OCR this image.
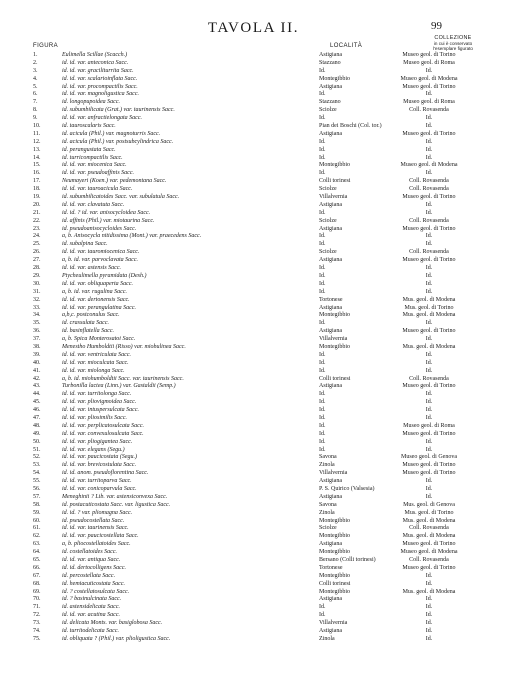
TAVOLA II.	99
COLLEZIONE
in cui è conservato
l'esemplare figurato
FIGURA	LOCALITÀ
1.	Eulimella Scillae (Scacch.)	Astigiana	Museo geol. di Torino
2.	id. id. var. anteconica Sacc.	Stazzano	Museo geol. di Roma
3.	id. id. var. graciliturrita Sacc.	Id.	Id.
4.	id. id. var. scalarioinflata Sacc.	Montegibbio	Museo geol. di Modena
5.	id. id. var. procompactilis Sacc.	Astigiana	Museo geol. di Torino
6.	id. id. var. magnoligustica Sacc.	Id.	Id.
7.	id. longopupoidea Sacc.	Stazzano	Museo geol. di Roma
8.	id. subumbilicata (Grat.) var. taurinensis Sacc.	Sciolze	Coll. Rovasenda
9.	id. id. var. anfractielongata Sacc.	Id.	Id.
10.	id. tauroscalaris Sacc.	Pian dei Boschi (Col. tor.)	Id.
11.	id. acicula (Phil.) var. magnoturris Sacc.	Astigiana	Museo geol. di Torino
12.	id. acicula (Phil.) var. postsubcylindrica Sacc.	Id.	Id.
13.	id. perangustata Sacc.	Id.	Id.
14.	id. turricompactilis Sacc.	Id.	Id.
15.	id. id. var. miocenica Sacc.	Montegibbio	Museo geol. di Modena
16.	id. id. var. pseudoaffinis Sacc.	Id.	Id.
17.	Neumayeri (Koen.) var. pedemontana Sacc.	Colli torinesi	Coll. Rovasenda
18.	id. id. var. tauroacicula Sacc.	Sciolze	Coll. Rovasenda
19.	id. subumbilicatoides Sacc. var. subulatula Sacc.	Villalvernia	Museo geol. di Torino
20.	id. id. var. clavatuta Sacc.	Astigiana	Id.
21.	id. id. ? id. var. anisocycloidea Sacc.	Id.	Id.
22.	id. affinis (Phil.) var. miotaurina Sacc.	Sciolze	Coll. Rovasenda
23.	id. pseudoanisocycloides Sacc.	Astigiana	Museo geol. di Torino
24.	a, b. Anisocycla nitidissima (Mont.) var. praecedens Sacc.	Id.	Id.
25.	id. subalpina Sacc.	Id.	Id.
26.	id. id. var. tauromiocenica Sacc.	Sciolze	Coll. Rovasenda
27.	a, b. id. var. parvoclavata Sacc.	Astigiana	Museo geol. di Torino
28.	id. id. var. astensis Sacc.	Id.	Id.
29.	Ptycheulimella pyramidata (Desh.)	Id.	Id.
30.	id. id. var. obliquaperta Sacc.	Id.	Id.
31.	a, b. id. var. rugulina Sacc.	Id.	Id.
32.	id. id. var. dertonensis Sacc.	Tortonese	Mus. geol. di Modena
33.	id. id. var. perangulatina Sacc.	Astigiana	Mus. geol. di Torino
34.	a,b,c. postconulus Sacc.	Montegibbio	Mus. geol. di Modena
35.	id. crassulata Sacc.	Id.	Id.
36.	id. basinflatella Sacc.	Astigiana	Museo geol. di Torino
37.	a, b. Spica Monterosatoi Sacc.	Villalvernia	Id.
38.	Menestho Humboldtii (Risso) var. miobulinea Sacc.	Montegibbio	Mus. geol. di Modena
39.	id. id. var. ventriculata Sacc.	Id.	Id.
40.	id. id. var. mioculcata Sacc.	Id.	Id.
41.	id. id. var. miolonga Sacc.	Id.	Id.
42.	a, b. id. miohumboldtii Sacc. var. taurinensis Sacc.	Colli torinesi	Coll. Rovasenda
43.	Turbonilla lactea (Linn.) var. Gastaldii (Semp.)	Astigiana	Museo geol. di Torino
44.	id. id. var. turritolonga Sacc.	Id.	Id.
45.	id. id. var. pliovigmoidea Sacc.	Id.	Id.
46.	id. id. var. intuspersulcata Sacc.	Id.	Id.
47.	id. id. var. pliosimilis Sacc.	Id.	Id.
48.	id. id. var. perplicatosulcata Sacc.	Id.	Museo geol. di Roma
49.	id. id. var. convexulosulcata Sacc.	Id.	Museo geol. di Torino
50.	id. id. var. pliogigantea Sacc.	Id.	Id.
51.	id. id. var. elegans (Segu.)	Id.	Id.
52.	id. id. var. paucicostata (Segu.)	Savona	Museo geol. di Genova
53.	id. id. var. brevicostulata Sacc.	Zinola	Museo geol. di Torino
54.	id. id. anom. pseudoflorentina Sacc.	Villalvernia	Museo geol. di Torino
55.	id. id. var. turritoparva Sacc.	Astigiana	Id.
56.	id. id. var. conicoparvula Sacc.	P. S. Quirico (Valsesia)	Id.
57.	Meneghinii ? Lib. var. astensiconvexa Sacc.	Astigiana	Id.
58.	id. postacuticostata Sacc. var. ligustica Sacc.	Savona	Mus. geol. di Genova
59.	id. id. ? var. pliomagna Sacc.	Zinola	Mus. geol. di Torino
60.	id. pseudocostellata Sacc.	Montegibbio	Mus. geol. di Modena
61.	id. id. var. taurinensis Sacc.	Sciolze	Coll. Rovasenda
62.	id. id. var. paucicostellata Sacc.	Montegibbio	Mus. geol. di Modena
63.	a, b. pliocostellatoides Sacc.	Astigiana	Museo geol. di Torino
64.	id. costellatoides Sacc.	Montegibbio	Museo geol. di Modena
65.	id. id. var. antiqua Sacc.	Bersano (Colli torinesi)	Coll. Rovasenda
66.	id. id. dertocolligens Sacc.	Tortonese	Museo geol. di Torino
67.	id. percostellata Sacc.	Montegibbio	Id.
68.	id. hemiacuticostata Sacc.	Colli torinesi	Id.
69.	id. ? costellatosulcata Sacc.	Montegibbio	Mus. geol. di Modena
70.	id. ? basinulcinata Sacc.	Astigiana	Id.
71.	id. astensidelicata Sacc.	Id.	Id.
72.	id. id. var. acutina Sacc.	Id.	Id.
73.	id. delicata Monts. var. basiglobosa Sacc.	Villalvernia	Id.
74.	id. turritodelicata Sacc.	Astigiana	Id.
75.	id. obliquata ? (Phil.) var. plioligustica Sacc.	Zinola	Id.
